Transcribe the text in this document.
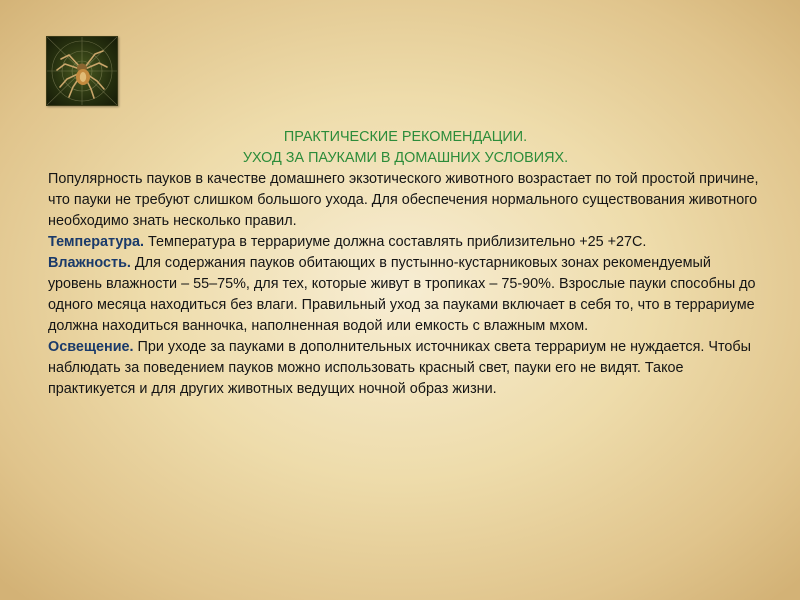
ПРАКТИЧЕСКИЕ РЕКОМЕНДАЦИИ.
УХОД ЗА ПАУКАМИ В ДОМАШНИХ УСЛОВИЯХ.

Популярность пауков в качестве домашнего экзотического животного возрастает по той простой причине, что пауки не требуют слишком большого ухода. Для обеспечения нормального существования животного необходимо знать несколько правил.

Температура. Температура в террариуме должна составлять приблизительно +25 +27С.

Влажность. Для содержания пауков обитающих в пустынно-кустарниковых зонах рекомендуемый уровень влажности – 55–75%, для тех, которые живут в тропиках – 75-90%. Взрослые пауки способны до одного месяца находиться без влаги. Правильный уход за пауками включает в себя то, что в террариуме должна находиться ванночка, наполненная водой или емкость с влажным мхом.

Освещение. При уходе за пауками в дополнительных источниках света террариум не нуждается. Чтобы наблюдать за поведением пауков можно использовать красный свет, пауки его не видят. Такое практикуется и для других животных ведущих ночной образ жизни.
